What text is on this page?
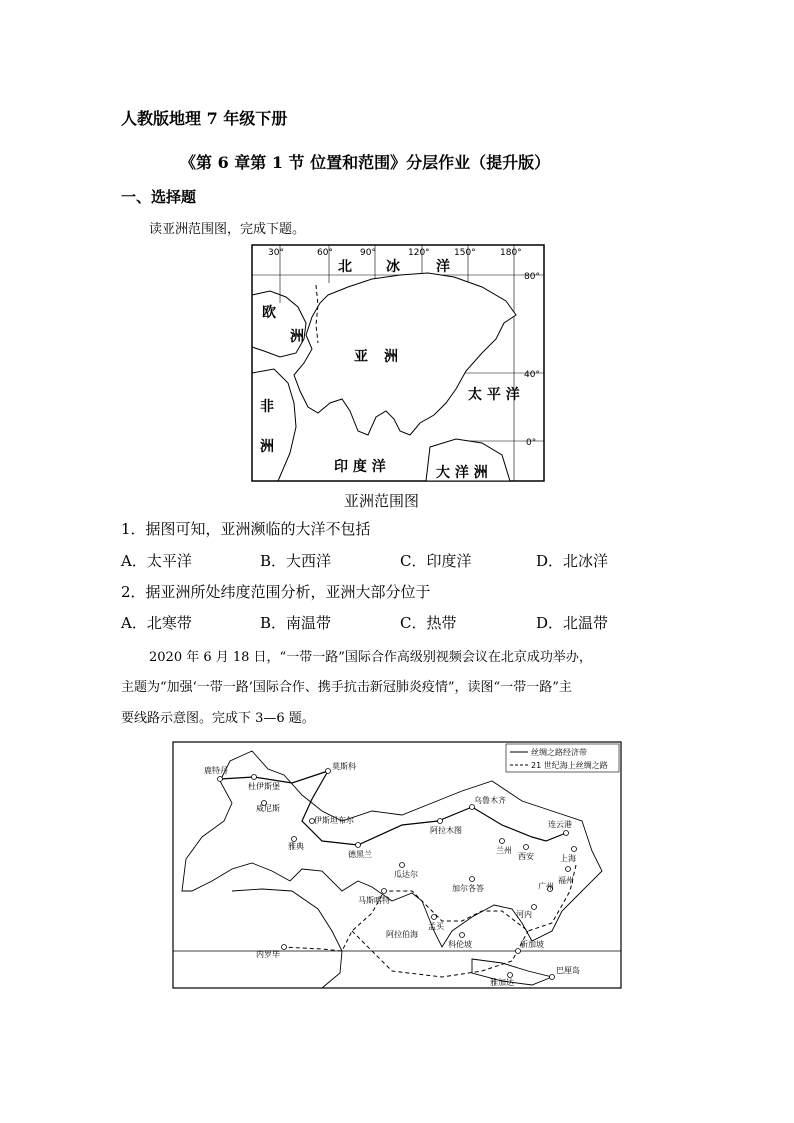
人教版地理 7 年级下册
《第 6 章第 1 节 位置和范围》分层作业（提升版）
一、选择题
读亚洲范围图，完成下题。
30°	60°	90°	120°	150°	180°
80°
40°
0°
北 冰	洋
欧
洲
亚 洲
太 平 洋
非
洲
印 度 洋	大 洋 洲
亚洲范围图
1．据图可知，亚洲濒临的大洋不包括
A．太平洋	B．大西洋	C．印度洋	D．北冰洋
2．据亚洲所处纬度范围分析，亚洲大部分位于
A．北寒带	B．南温带	C．热带	D．北温带
2020 年 6 月 18 日，“一带一路”国际合作高级别视频会议在北京成功举办，
主题为“加强‘一带一路’国际合作、携手抗击新冠肺炎疫情”，读图“一带一路”主
要线路示意图。完成下 3—6 题。
丝绸之路经济带
21 世纪海上丝绸之路
莫斯科
鹿特丹
杜伊斯堡
威尼斯
伊斯坦布尔
雅典
德黑兰
乌鲁木齐
阿拉木图
兰州
西安
连云港
上海
福州
广州
河内
瓜达尔
加尔各答
孟买
马斯喀特
阿拉伯海
科伦坡	新加坡
内罗毕
雅加达
巴厘岛
